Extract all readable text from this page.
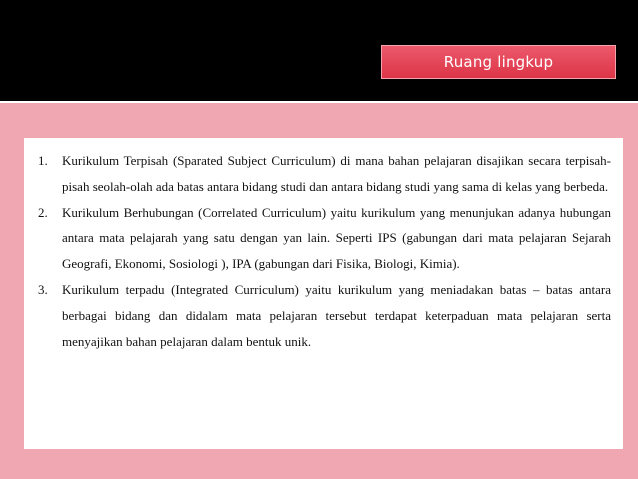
Ruang lingkup
1. Kurikulum Terpisah (Sparated Subject Curriculum) di mana bahan pelajaran disajikan secara terpisah-pisah seolah-olah ada batas antara bidang studi dan antara bidang studi yang sama di kelas yang berbeda.
2. Kurikulum Berhubungan (Correlated Curriculum) yaitu kurikulum yang menunjukan adanya hubungan antara mata pelajarah yang satu dengan yan lain. Seperti IPS (gabungan dari mata pelajaran Sejarah Geografi, Ekonomi, Sosiologi ), IPA (gabungan dari Fisika, Biologi, Kimia).
3. Kurikulum terpadu (Integrated Curriculum) yaitu kurikulum yang meniadakan batas – batas antara berbagai bidang dan didalam mata pelajaran tersebut terdapat keterpaduan mata pelajaran serta menyajikan bahan pelajaran dalam bentuk unik.
